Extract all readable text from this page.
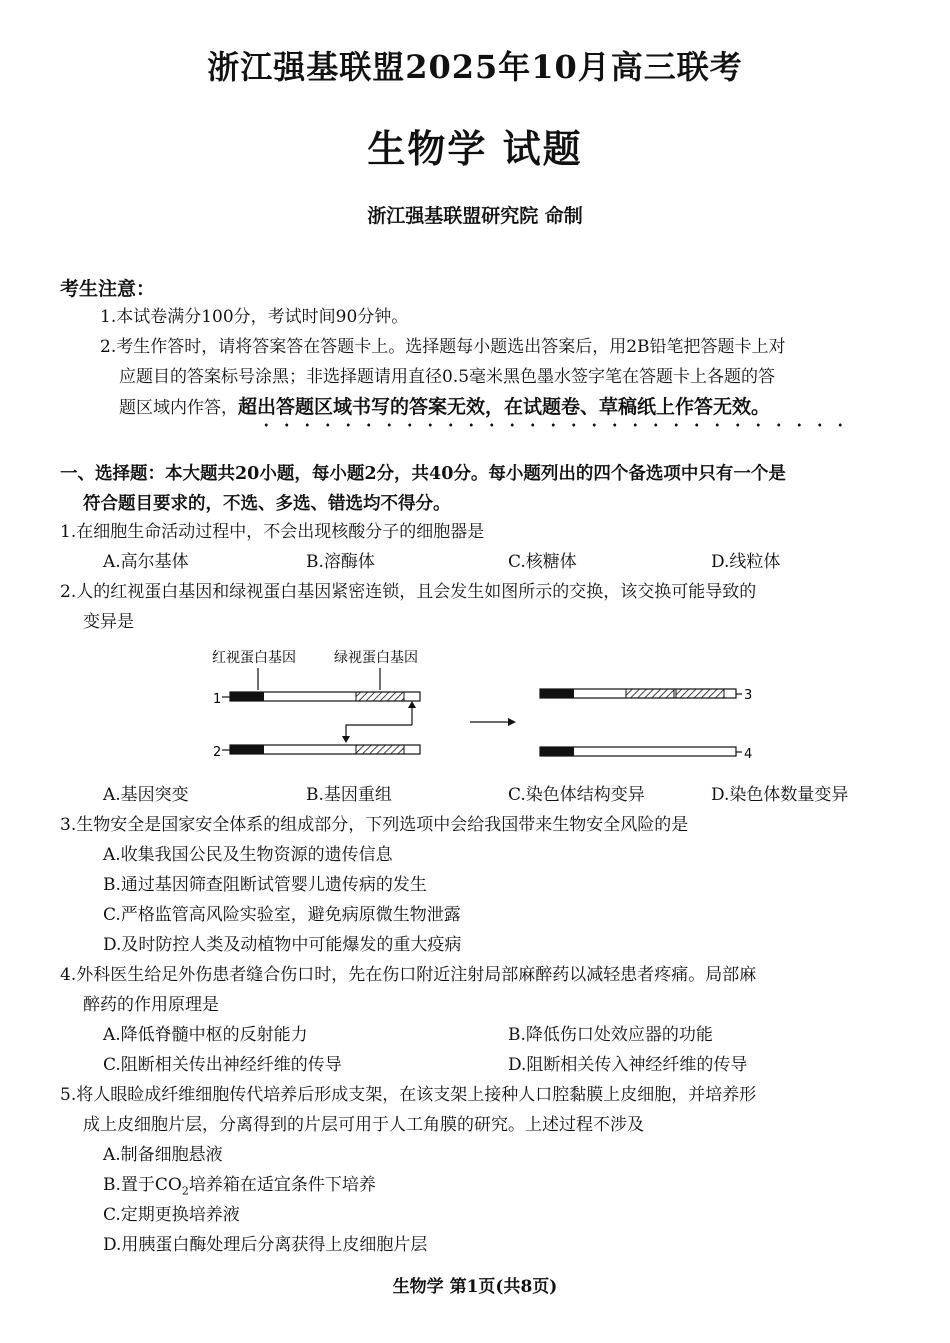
浙江强基联盟2025年10月高三联考
生物学 试题
浙江强基联盟研究院 命制
考生注意：
1.本试卷满分100分，考试时间90分钟。
2.考生作答时，请将答案答在答题卡上。选择题每小题选出答案后，用2B铅笔把答题卡上对
应题目的答案标号涂黑；非选择题请用直径0.5毫米黑色墨水签字笔在答题卡上各题的答
题区域内作答，超出答题区域书写的答案无效，在试题卷、草稿纸上作答无效。
一、选择题：本大题共20小题，每小题2分，共40分。每小题列出的四个备选项中只有一个是
符合题目要求的，不选、多选、错选均不得分。
1.在细胞生命活动过程中，不会出现核酸分子的细胞器是
A.高尔基体	B.溶酶体	C.核糖体	D.线粒体
2.人的红视蛋白基因和绿视蛋白基因紧密连锁，且会发生如图所示的交换，该交换可能导致的
变异是
红视蛋白基因	绿视蛋白基因
1
2
3
4
A.基因突变	B.基因重组	C.染色体结构变异	D.染色体数量变异
3.生物安全是国家安全体系的组成部分，下列选项中会给我国带来生物安全风险的是
A.收集我国公民及生物资源的遗传信息
B.通过基因筛查阻断试管婴儿遗传病的发生
C.严格监管高风险实验室，避免病原微生物泄露
D.及时防控人类及动植物中可能爆发的重大疫病
4.外科医生给足外伤患者缝合伤口时，先在伤口附近注射局部麻醉药以减轻患者疼痛。局部麻
醉药的作用原理是
A.降低脊髓中枢的反射能力	B.降低伤口处效应器的功能
C.阻断相关传出神经纤维的传导	D.阻断相关传入神经纤维的传导
5.将人眼睑成纤维细胞传代培养后形成支架，在该支架上接种人口腔黏膜上皮细胞，并培养形
成上皮细胞片层，分离得到的片层可用于人工角膜的研究。上述过程不涉及
A.制备细胞悬液
B.置于$CO_2$培养箱在适宜条件下培养
C.定期更换培养液
D.用胰蛋白酶处理后分离获得上皮细胞片层
生物学 第1页(共8页)
